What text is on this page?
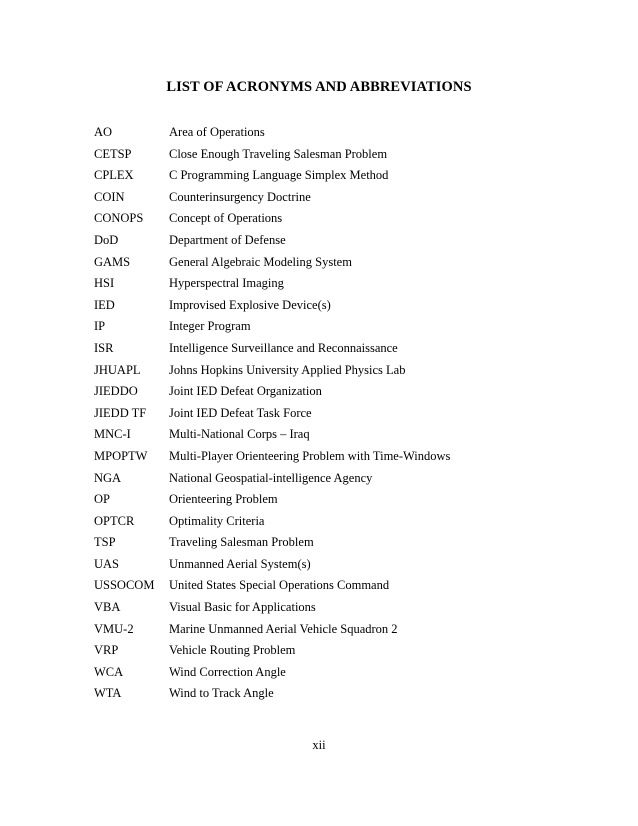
LIST OF ACRONYMS AND ABBREVIATIONS
AO	Area of Operations
CETSP	Close Enough Traveling Salesman Problem
CPLEX	C Programming Language Simplex Method
COIN	Counterinsurgency Doctrine
CONOPS	Concept of Operations
DoD	Department of Defense
GAMS	General Algebraic Modeling System
HSI	Hyperspectral Imaging
IED	Improvised Explosive Device(s)
IP	Integer Program
ISR	Intelligence Surveillance and Reconnaissance
JHUAPL	Johns Hopkins University Applied Physics Lab
JIEDDO	Joint IED Defeat Organization
JIEDD TF	Joint IED Defeat Task Force
MNC-I	Multi-National Corps – Iraq
MPOPTW	Multi-Player Orienteering Problem with Time-Windows
NGA	National Geospatial-intelligence Agency
OP	Orienteering Problem
OPTCR	Optimality Criteria
TSP	Traveling Salesman Problem
UAS	Unmanned Aerial System(s)
USSOCOM	United States Special Operations Command
VBA	Visual Basic for Applications
VMU-2	Marine Unmanned Aerial Vehicle Squadron 2
VRP	Vehicle Routing Problem
WCA	Wind Correction Angle
WTA	Wind to Track Angle
xii
